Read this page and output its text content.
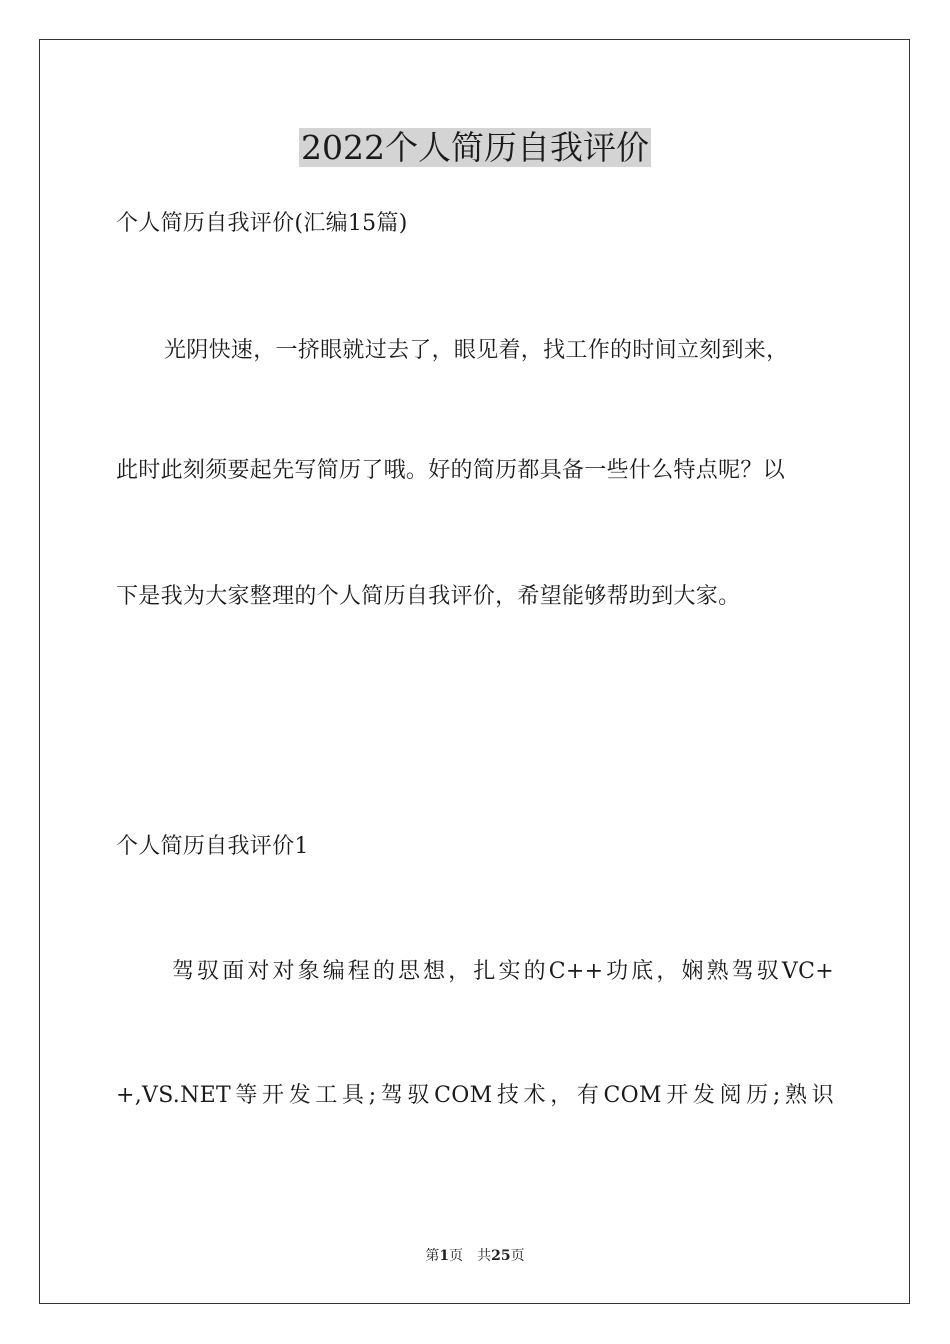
2022个人简历自我评价
个人简历自我评价(汇编15篇)
光阴快速，一挤眼就过去了，眼见着，找工作的时间立刻到来，
此时此刻须要起先写简历了哦。好的简历都具备一些什么特点呢？以
下是我为大家整理的个人简历自我评价，希望能够帮助到大家。
个人简历自我评价1
驾驭面对对象编程的思想，扎实的C++功底，娴熟驾驭VC+
+,VS.NET等开发工具;驾驭COM技术，有COM开发阅历;熟识
第1页　共25页
